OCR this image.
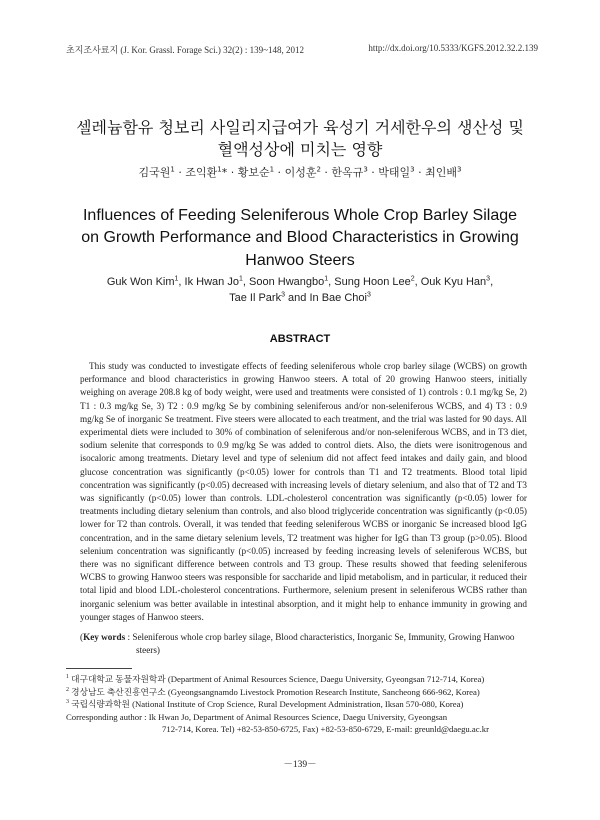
초지조사료지 (J. Kor. Grassl. Forage Sci.) 32(2) : 139~148, 2012	http://dx.doi.org/10.5333/KGFS.2012.32.2.139
셀레늄함유 청보리 사일리지급여가 육성기 거세한우의 생산성 및
혈액성상에 미치는 영향
김국원$^1$ · 조익환$^1$* · 황보순$^1$ · 이성훈$^2$ · 한옥규$^3$ · 박태일$^3$ · 최인배$^3$
Influences of Feeding Seleniferous Whole Crop Barley Silage
on Growth Performance and Blood Characteristics in Growing
Hanwoo Steers
Guk Won Kim$^1$, Ik Hwan Jo$^1$, Soon Hwangbo$^1$, Sung Hoon Lee$^2$, Ouk Kyu Han$^3$,
Tae Il Park$^3$ and In Bae Choi$^3$
ABSTRACT

This study was conducted to investigate effects of feeding seleniferous whole crop barley silage (WCBS) on growth performance and blood characteristics in growing Hanwoo steers. A total of 20 growing Hanwoo steers, initially weighing on average 208.8 kg of body weight, were used and treatments were consisted of 1) controls : 0.1 mg/kg Se, 2) T1 : 0.3 mg/kg Se, 3) T2 : 0.9 mg/kg Se by combining seleniferous and/or non-seleniferous WCBS, and 4) T3 : 0.9 mg/kg Se of inorganic Se treatment. Five steers were allocated to each treatment, and the trial was lasted for 90 days. All experimental diets were included to 30% of combination of seleniferous and/or non-seleniferous WCBS, and in T3 diet, sodium selenite that corresponds to 0.9 mg/kg Se was added to control diets. Also, the diets were isonitrogenous and isocaloric among treatments. Dietary level and type of selenium did not affect feed intakes and daily gain, and blood glucose concentration was significantly (p<0.05) lower for controls than T1 and T2 treatments. Blood total lipid concentration was significantly (p<0.05) decreased with increasing levels of dietary selenium, and also that of T2 and T3 was significantly (p<0.05) lower than controls. LDL-cholesterol concentration was significantly (p<0.05) lower for treatments including dietary selenium than controls, and also blood triglyceride concentration was significantly (p<0.05) lower for T2 than controls. Overall, it was tended that feeding seleniferous WCBS or inorganic Se increased blood IgG concentration, and in the same dietary selenium levels, T2 treatment was higher for IgG than T3 group (p>0.05). Blood selenium concentration was significantly (p<0.05) increased by feeding increasing levels of seleniferous WCBS, but there was no significant difference between controls and T3 group. These results showed that feeding seleniferous WCBS to growing Hanwoo steers was responsible for saccharide and lipid metabolism, and in particular, it reduced their total lipid and blood LDL-cholesterol concentrations. Furthermore, selenium present in seleniferous WCBS rather than inorganic selenium was better available in intestinal absorption, and it might help to enhance immunity in growing and younger stages of Hanwoo steers.

(Key words : Seleniferous whole crop barley silage, Blood characteristics, Inorganic Se, Immunity, Growing Hanwoo steers)
$^1$ 대구대학교 동물자원학과 (Department of Animal Resources Science, Daegu University, Gyeongsan 712-714, Korea)
$^2$ 경상남도 축산진흥연구소 (Gyeongsangnamdo Livestock Promotion Research Institute, Sancheong 666-962, Korea)
$^3$ 국립식량과학원 (National Institute of Crop Science, Rural Development Administration, Iksan 570-080, Korea)
Corresponding author : Ik Hwan Jo, Department of Animal Resources Science, Daegu University, Gyeongsan
712-714, Korea. Tel) +82-53-850-6725, Fax) +82-53-850-6729, E-mail: greunld@daegu.ac.kr
－139－
